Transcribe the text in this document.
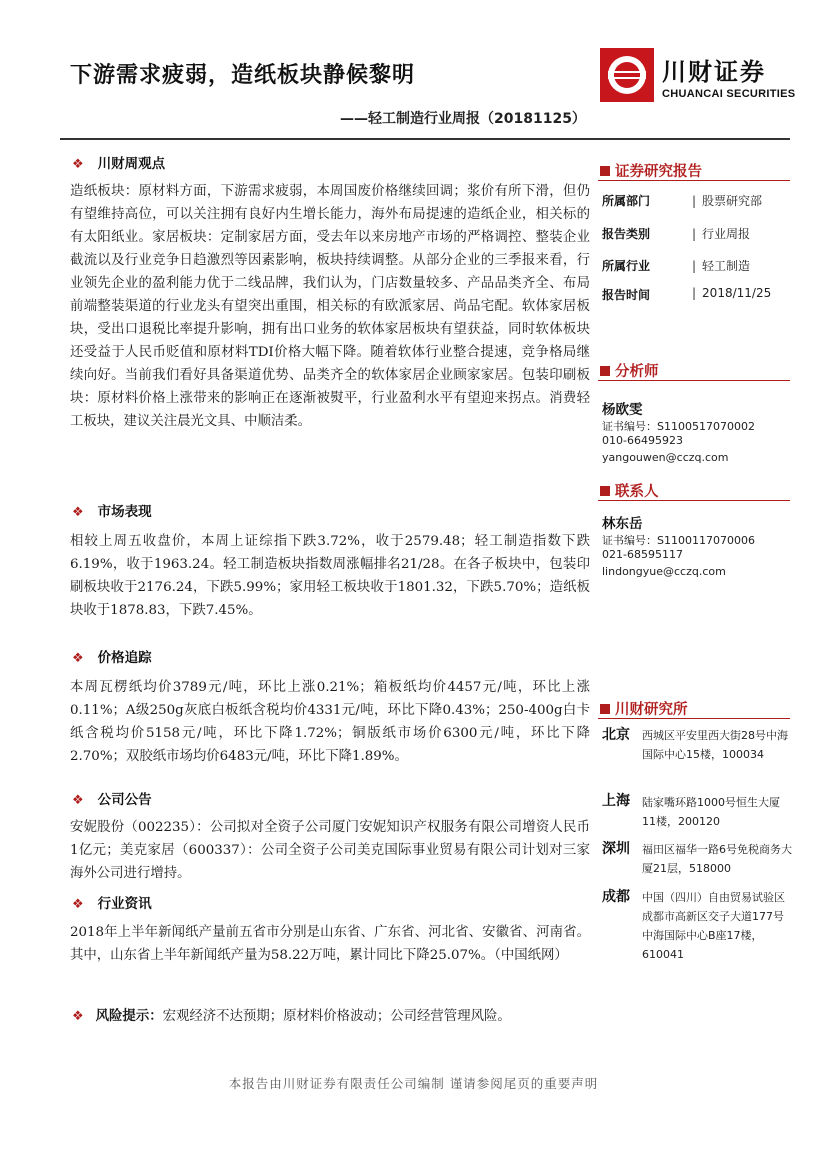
下游需求疲弱，造纸板块静候黎明
——轻工制造行业周报（20181125）
川财证券
CHUANCAI SECURITIES
❖ 川财周观点
造纸板块：原材料方面，下游需求疲弱，本周国废价格继续回调；浆价有所下滑，但仍有望维持高位，可以关注拥有良好内生增长能力，海外布局提速的造纸企业，相关标的有太阳纸业。家居板块：定制家居方面，受去年以来房地产市场的严格调控、整装企业截流以及行业竞争日趋激烈等因素影响，板块持续调整。从部分企业的三季报来看，行业领先企业的盈利能力优于二线品牌，我们认为，门店数量较多、产品品类齐全、布局前端整装渠道的行业龙头有望突出重围，相关标的有欧派家居、尚品宅配。软体家居板块，受出口退税比率提升影响，拥有出口业务的软体家居板块有望获益，同时软体板块还受益于人民币贬值和原材料TDI价格大幅下降。随着软体行业整合提速，竞争格局继续向好。当前我们看好具备渠道优势、品类齐全的软体家居企业顾家家居。包装印刷板块：原材料价格上涨带来的影响正在逐渐被熨平，行业盈利水平有望迎来拐点。消费轻工板块，建议关注晨光文具、中顺洁柔。
❖ 市场表现
相较上周五收盘价，本周上证综指下跌3.72%，收于2579.48；轻工制造指数下跌6.19%，收于1963.24。轻工制造板块指数周涨幅排名21/28。在各子板块中，包装印刷板块收于2176.24，下跌5.99%；家用轻工板块收于1801.32，下跌5.70%；造纸板块收于1878.83，下跌7.45%。
❖ 价格追踪
本周瓦楞纸均价3789元/吨，环比上涨0.21%；箱板纸均价4457元/吨，环比上涨0.11%；A级250g灰底白板纸含税均价4331元/吨，环比下降0.43%；250-400g白卡纸含税均价5158元/吨，环比下降1.72%；铜版纸市场价6300元/吨，环比下降2.70%；双胶纸市场均价6483元/吨，环比下降1.89%。
❖ 公司公告
安妮股份（002235）：公司拟对全资子公司厦门安妮知识产权服务有限公司增资人民币1亿元；美克家居（600337）：公司全资子公司美克国际事业贸易有限公司计划对三家海外公司进行增持。
❖ 行业资讯
2018年上半年新闻纸产量前五省市分别是山东省、广东省、河北省、安徽省、河南省。其中，山东省上半年新闻纸产量为58.22万吨，累计同比下降25.07%。（中国纸网）
❖ 风险提示：宏观经济不达预期；原材料价格波动；公司经营管理风险。
证券研究报告
所属部门	| 股票研究部
报告类别	| 行业周报
所属行业	| 轻工制造
报告时间	| 2018/11/25
分析师
杨欧雯
证书编号：S1100517070002
010-66495923
yangouwen@cczq.com
联系人
林东岳
证书编号：S1100117070006
021-68595117
lindongyue@cczq.com
川财研究所
北京 西城区平安里西大街28号中海国际中心15楼，100034
上海 陆家嘴环路1000号恒生大厦11楼，200120
深圳 福田区福华一路6号免税商务大厦21层，518000
成都 中国（四川）自由贸易试验区成都市高新区交子大道177号中海国际中心B座17楼，610041
本报告由川财证券有限责任公司编制 谨请参阅尾页的重要声明
